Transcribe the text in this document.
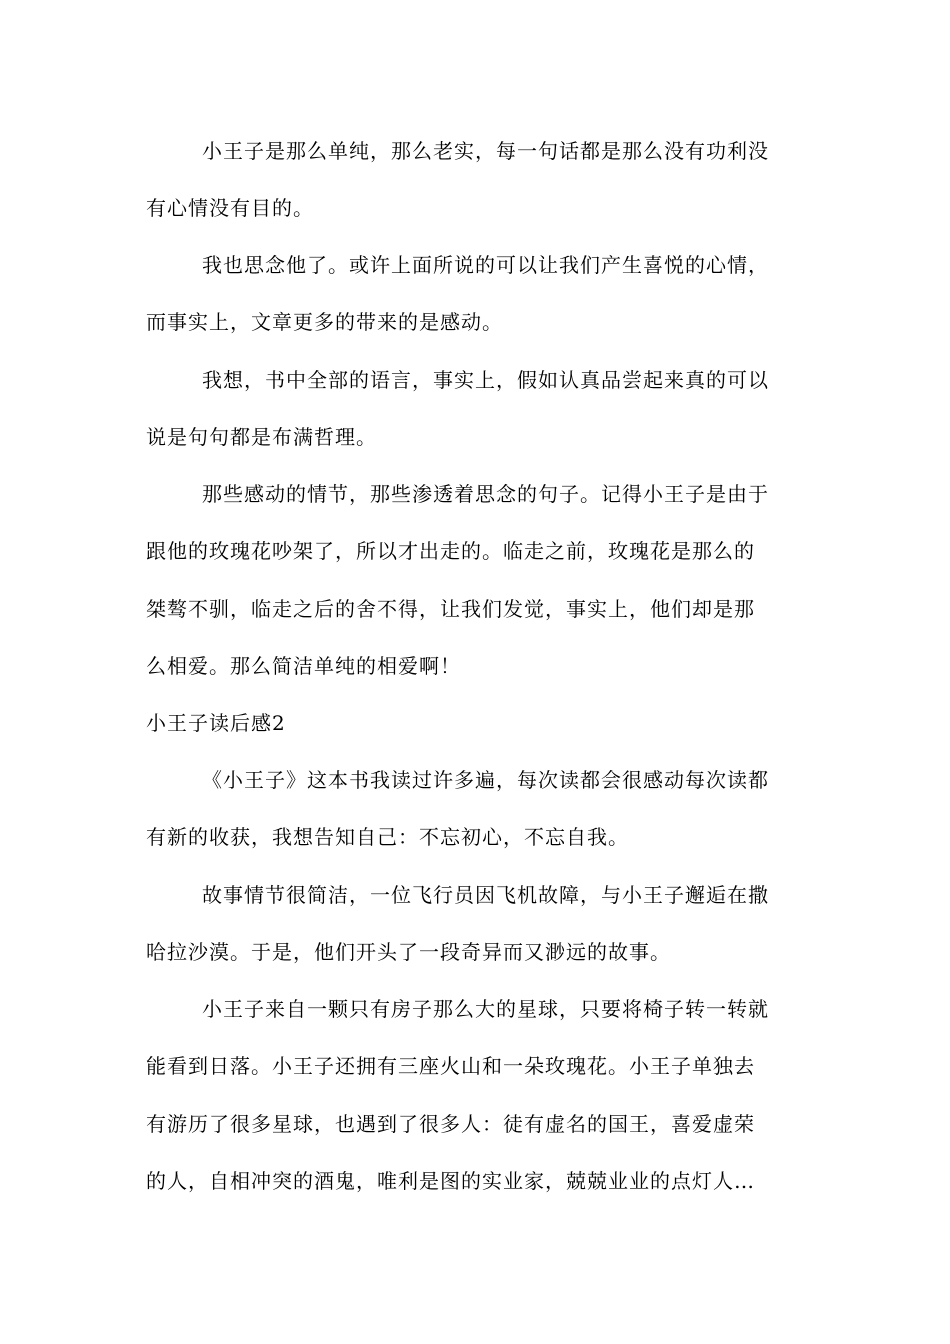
小王子是那么单纯，那么老实，每一句话都是那么没有功利没
有心情没有目的。
我也思念他了。或许上面所说的可以让我们产生喜悦的心情，
而事实上，文章更多的带来的是感动。
我想，书中全部的语言，事实上，假如认真品尝起来真的可以
说是句句都是布满哲理。
那些感动的情节，那些渗透着思念的句子。记得小王子是由于
跟他的玫瑰花吵架了，所以才出走的。临走之前，玫瑰花是那么的
桀骜不驯，临走之后的舍不得，让我们发觉，事实上，他们却是那
么相爱。那么简洁单纯的相爱啊！
小王子读后感2
《小王子》这本书我读过许多遍，每次读都会很感动每次读都
有新的收获，我想告知自己：不忘初心，不忘自我。
故事情节很简洁，一位飞行员因飞机故障，与小王子邂逅在撒
哈拉沙漠。于是，他们开头了一段奇异而又渺远的故事。
小王子来自一颗只有房子那么大的星球，只要将椅子转一转就
能看到日落。小王子还拥有三座火山和一朵玫瑰花。小王子单独去
有游历了很多星球，也遇到了很多人：徒有虚名的国王，喜爱虚荣
的人，自相冲突的酒鬼，唯利是图的实业家，兢兢业业的点灯人…
